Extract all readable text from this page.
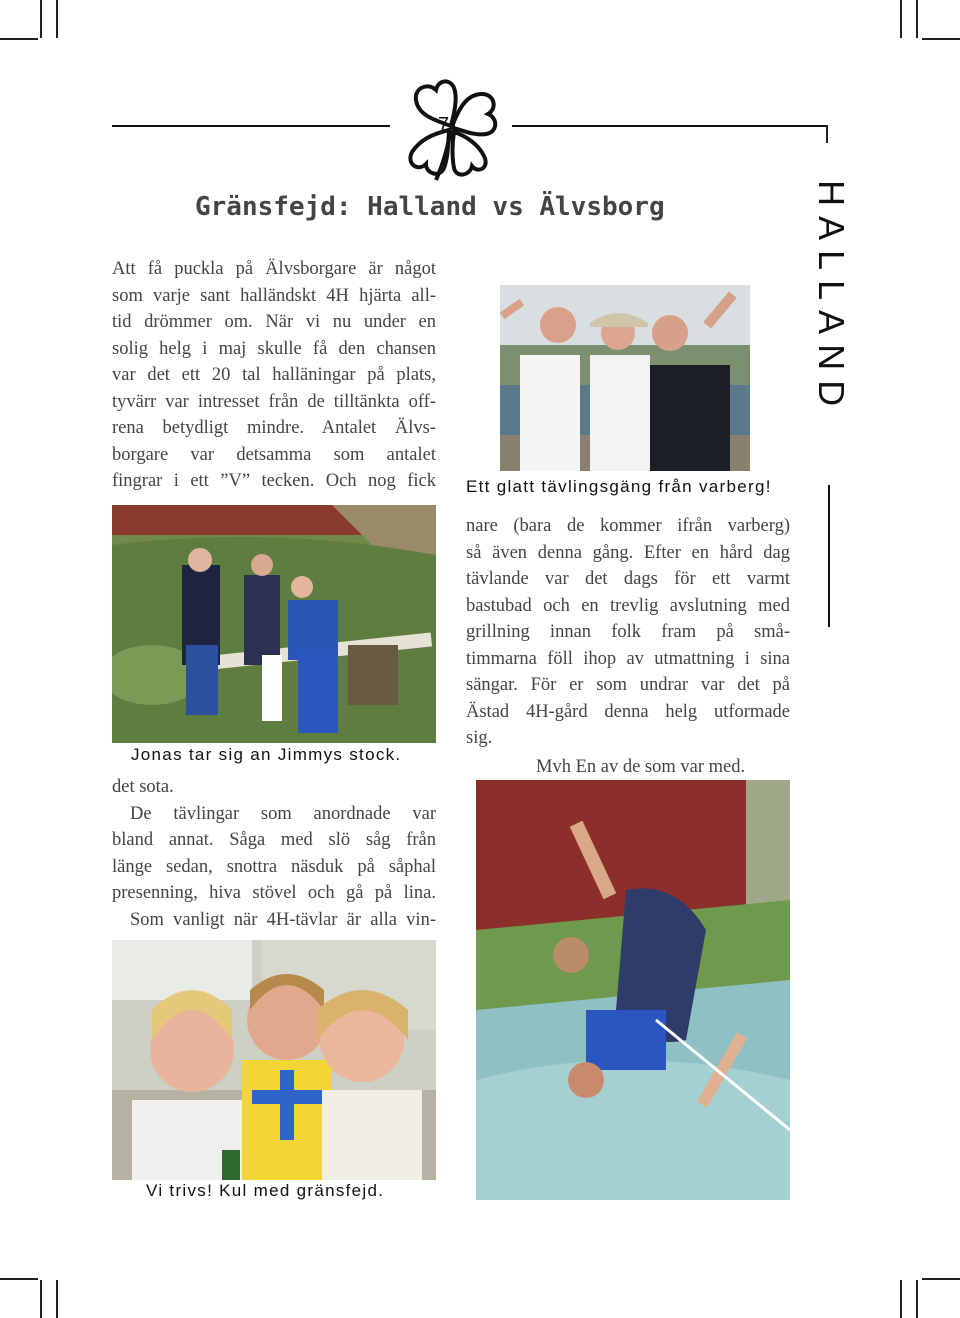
7
Gränsfejd: Halland vs Älvsborg	HALLAND
Att få puckla på Älvsborgare är något
som varje sant halländskt 4H hjärta all-
tid drömmer om. När vi nu under en
solig helg i maj skulle få den chansen
var det ett 20 tal halläningar på plats,
tyvärr var intresset från de tilltänkta off-
rena betydligt mindre. Antalet Älvs-
borgare var detsamma som antalet
fingrar i ett ”V” tecken. Och nog fick
Jonas tar sig an Jimmys stock.
det sota.
De tävlingar som anordnade var
bland annat. Såga med slö såg från
länge sedan, snottra näsduk på såphal
presenning, hiva stövel och gå på lina.
Som vanligt när 4H-tävlar är alla vin-
Vi trivs! Kul med gränsfejd.
Ett glatt tävlingsgäng från varberg!
nare (bara de kommer ifrån varberg)
så även denna gång. Efter en hård dag
tävlande var det dags för ett varmt
bastubad och en trevlig avslutning med
grillning innan folk fram på små-
timmarna föll ihop av utmattning i sina
sängar. För er som undrar var det på
Ästad 4H-gård denna helg utformade
sig.
Mvh En av de som var med.
